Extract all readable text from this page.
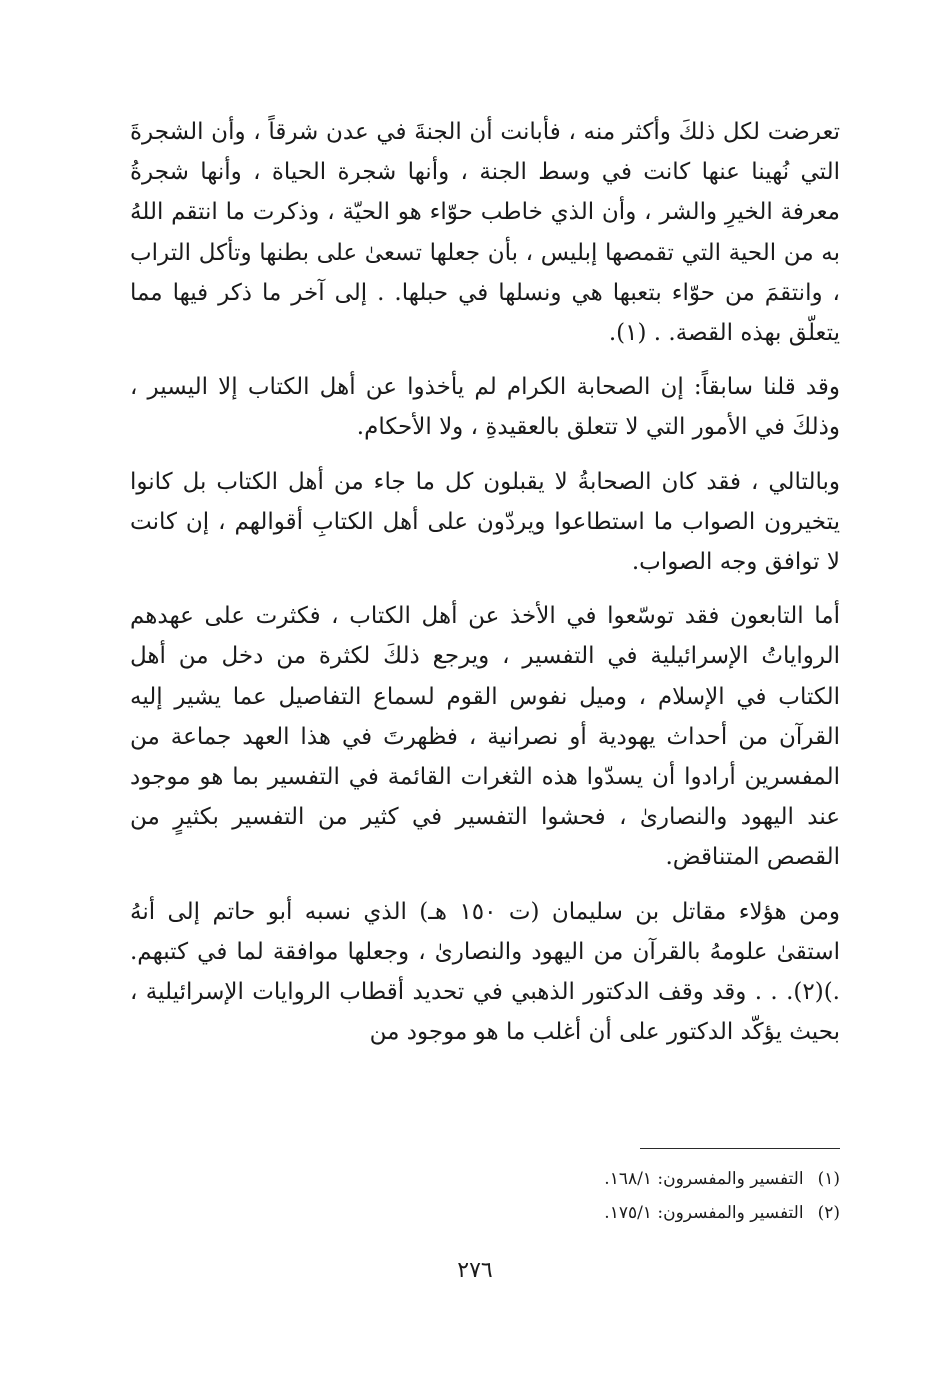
تعرضت لكل ذلكَ وأكثر منه ، فأبانت أن الجنةَ في عدن شرقاً ، وأن الشجرةَ التي نُهينا عنها كانت في وسط الجنة ، وأنها شجرة الحياة ، وأنها شجرةُ معرفة الخيرِ والشر ، وأن الذي خاطب حوّاء هو الحيّة ، وذكرت ما انتقم اللهُ به من الحية التي تقمصها إبليس ، بأن جعلها تسعىٰ على بطنها وتأكل التراب ، وانتقمَ من حوّاء بتعبها هي ونسلها في حبلها. . إلى آخر ما ذكر فيها مما يتعلّق بهذه القصة. . (١).

وقد قلنا سابقاً: إن الصحابة الكرام لم يأخذوا عن أهل الكتاب إلا اليسير ، وذلكَ في الأمور التي لا تتعلق بالعقيدةِ ، ولا الأحكام.

وبالتالي ، فقد كان الصحابةُ لا يقبلون كل ما جاء من أهل الكتاب بل كانوا يتخيرون الصواب ما استطاعوا ويردّون على أهل الكتابِ أقوالهم ، إن كانت لا توافق وجه الصواب.

أما التابعون فقد توسّعوا في الأخذ عن أهل الكتاب ، فكثرت على عهدهم الرواياتُ الإسرائيلية في التفسير ، ويرجع ذلكَ لكثرة من دخل من أهل الكتاب في الإسلام ، وميل نفوس القوم لسماع التفاصيل عما يشير إليه القرآن من أحداث يهودية أو نصرانية ، فظهرتَ في هذا العهد جماعة من المفسرين أرادوا أن يسدّوا هذه الثغرات القائمة في التفسير بما هو موجود عند اليهود والنصارىٰ ، فحشوا التفسير في كثير من التفسير بكثيرٍ من القصص المتناقض.

ومن هؤلاء مقاتل بن سليمان (ت ١٥٠ هـ) الذي نسبه أبو حاتم إلى أنهُ استقىٰ علومهُ بالقرآن من اليهود والنصارىٰ ، وجعلها موافقة لما في كتبهم. .)(٢). . . وقد وقف الدكتور الذهبي في تحديد أقطاب الروايات الإسرائيلية ، بحيث يؤكّد الدكتور على أن أغلب ما هو موجود من

(١)
التفسير والمفسرون: ١٦٨/١.
(٢)
التفسير والمفسرون: ١٧٥/١.
٢٧٦
